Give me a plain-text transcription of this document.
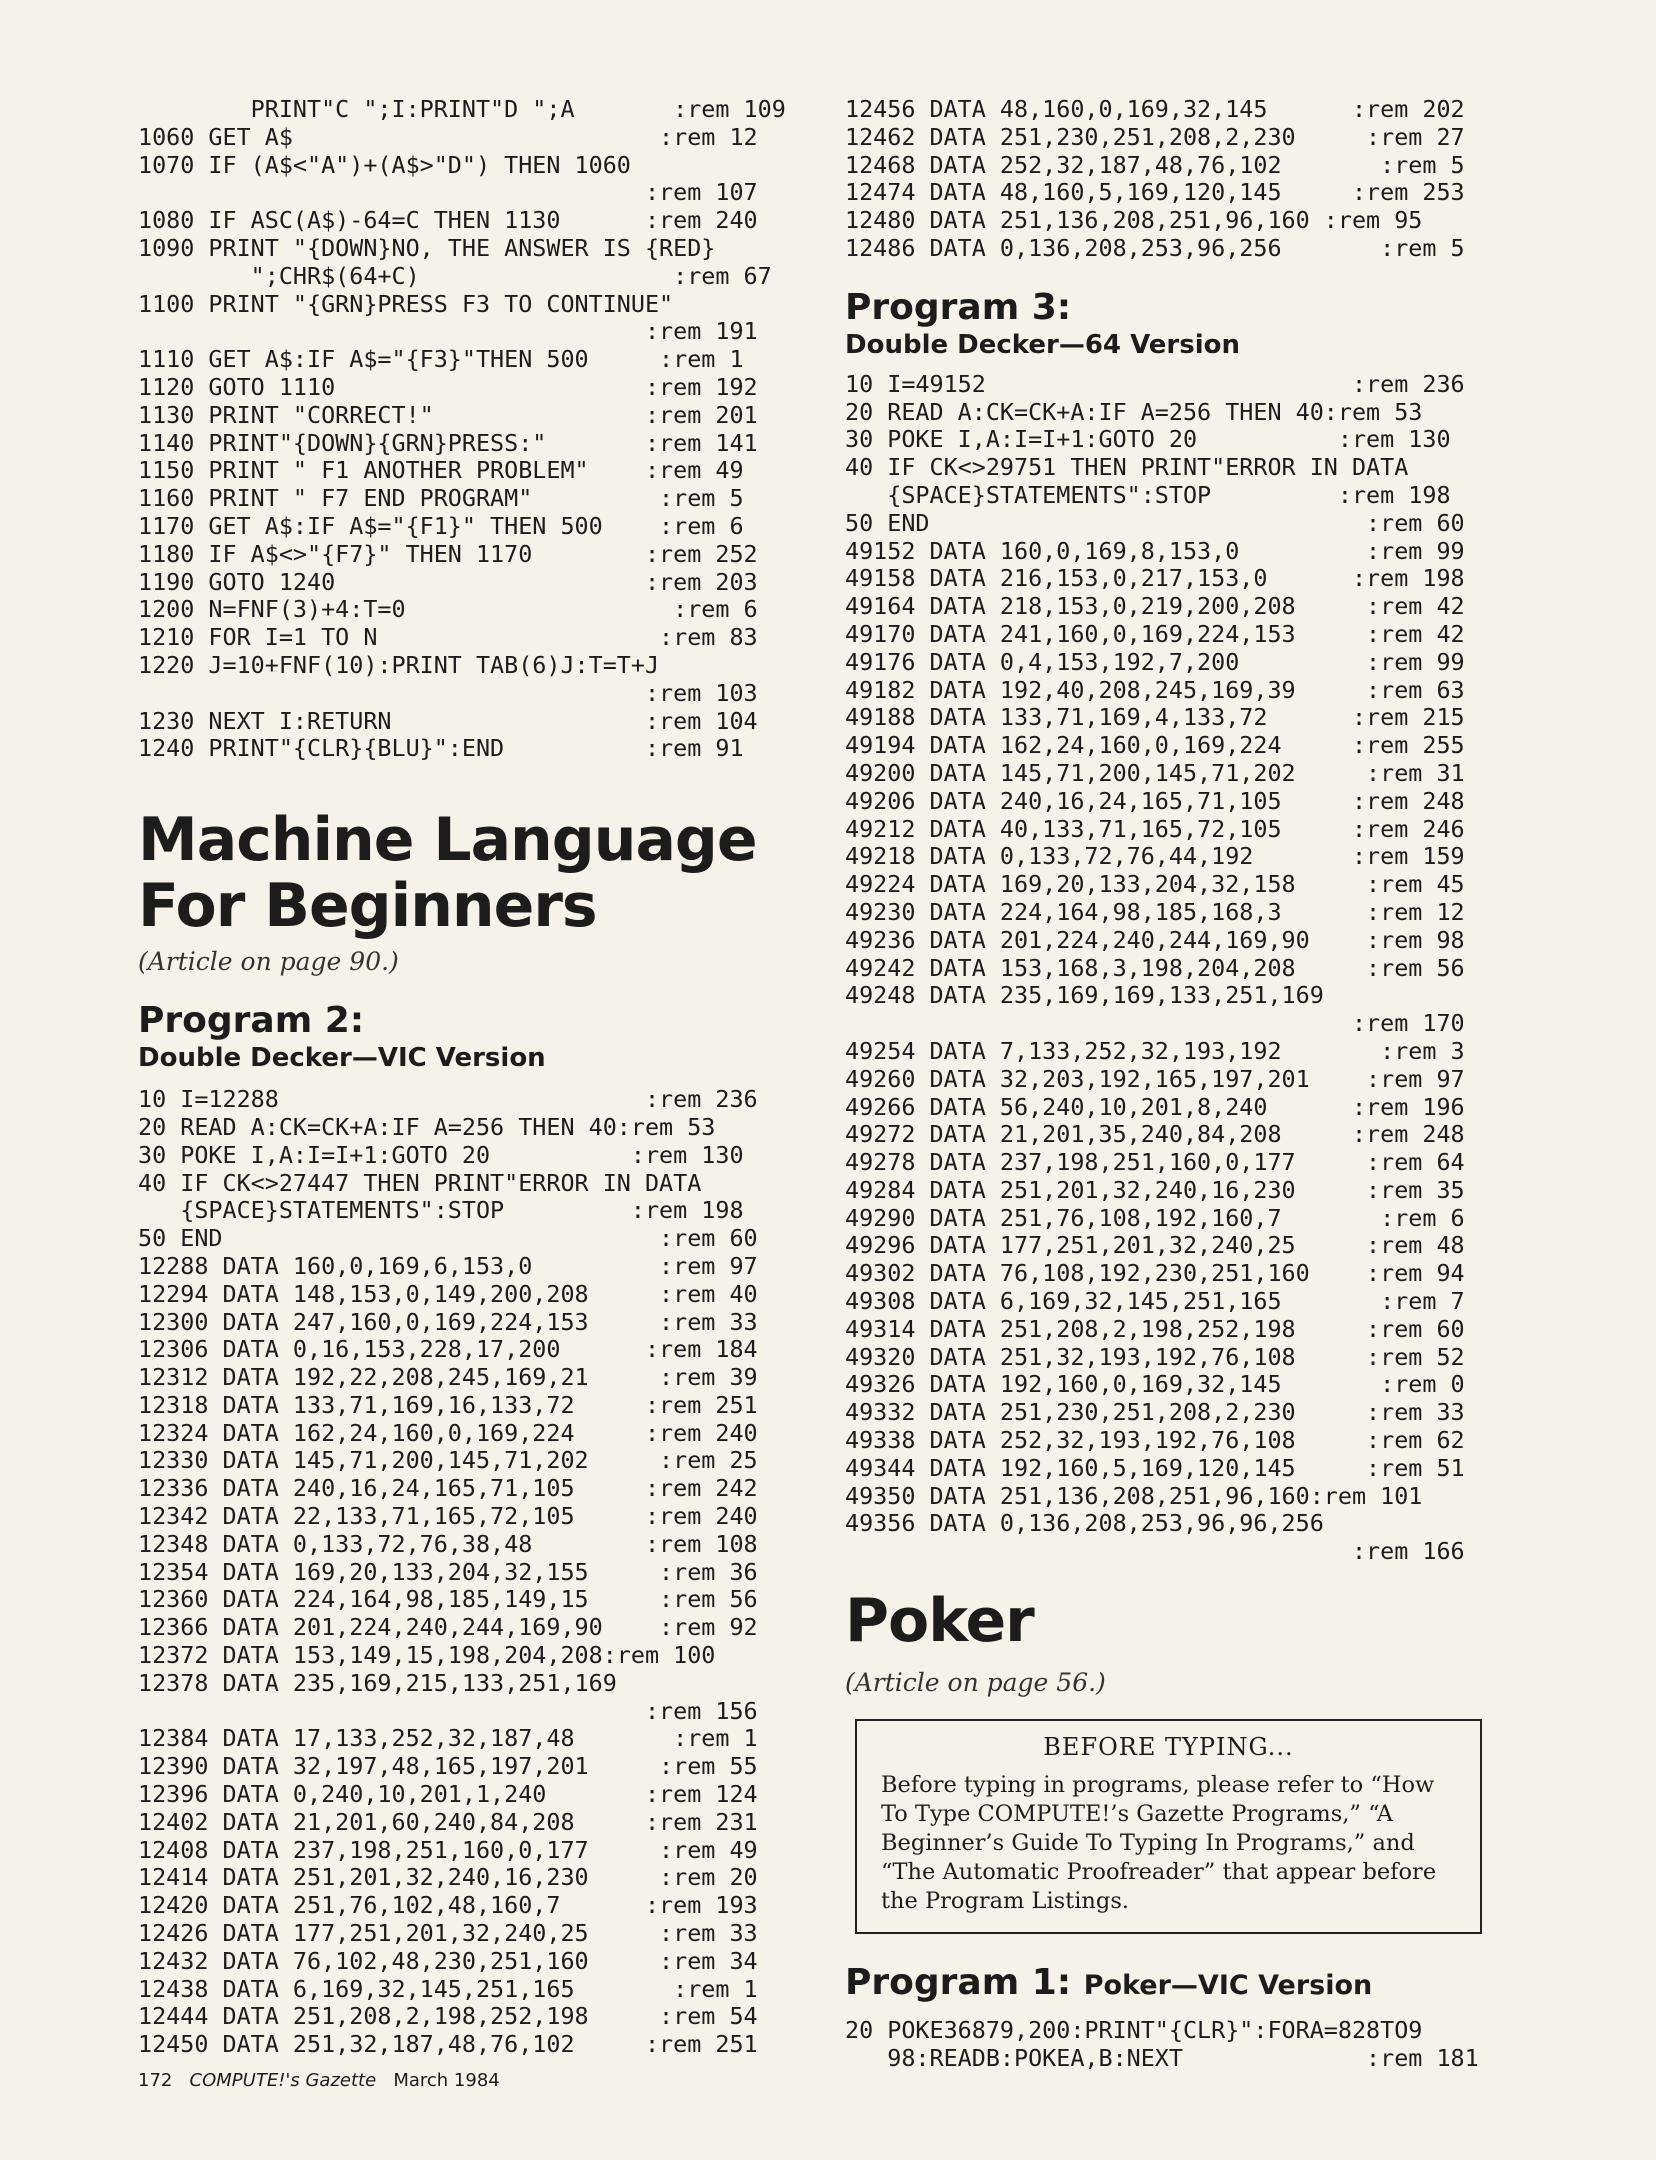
PRINT"C ";I:PRINT"D ";A       :rem 109
1060 GET A$                          :rem 12
1070 IF (A$<"A")+(A$>"D") THEN 1060
:rem 107
1080 IF ASC(A$)-64=C THEN 1130      :rem 240
1090 PRINT "{DOWN}NO, THE ANSWER IS {RED}
";CHR$(64+C)                  :rem 67
1100 PRINT "{GRN}PRESS F3 TO CONTINUE"
:rem 191
1110 GET A$:IF A$="{F3}"THEN 500     :rem 1
1120 GOTO 1110                      :rem 192
1130 PRINT "CORRECT!"               :rem 201
1140 PRINT"{DOWN}{GRN}PRESS:"       :rem 141
1150 PRINT " F1 ANOTHER PROBLEM"    :rem 49
1160 PRINT " F7 END PROGRAM"         :rem 5
1170 GET A$:IF A$="{F1}" THEN 500    :rem 6
1180 IF A$<>"{F7}" THEN 1170        :rem 252
1190 GOTO 1240                      :rem 203
1200 N=FNF(3)+4:T=0                   :rem 6
1210 FOR I=1 TO N                    :rem 83
1220 J=10+FNF(10):PRINT TAB(6)J:T=T+J
:rem 103
1230 NEXT I:RETURN                  :rem 104
1240 PRINT"{CLR}{BLU}":END          :rem 91
Machine Language
For Beginners
(Article on page 90.)
Program 2:
Double Decker—VIC Version
10 I=12288                          :rem 236
20 READ A:CK=CK+A:IF A=256 THEN 40:rem 53
30 POKE I,A:I=I+1:GOTO 20          :rem 130
40 IF CK<>27447 THEN PRINT"ERROR IN DATA
{SPACE}STATEMENTS":STOP         :rem 198
50 END                               :rem 60
12288 DATA 160,0,169,6,153,0         :rem 97
12294 DATA 148,153,0,149,200,208     :rem 40
12300 DATA 247,160,0,169,224,153     :rem 33
12306 DATA 0,16,153,228,17,200      :rem 184
12312 DATA 192,22,208,245,169,21     :rem 39
12318 DATA 133,71,169,16,133,72     :rem 251
12324 DATA 162,24,160,0,169,224     :rem 240
12330 DATA 145,71,200,145,71,202     :rem 25
12336 DATA 240,16,24,165,71,105     :rem 242
12342 DATA 22,133,71,165,72,105     :rem 240
12348 DATA 0,133,72,76,38,48        :rem 108
12354 DATA 169,20,133,204,32,155     :rem 36
12360 DATA 224,164,98,185,149,15     :rem 56
12366 DATA 201,224,240,244,169,90    :rem 92
12372 DATA 153,149,15,198,204,208:rem 100
12378 DATA 235,169,215,133,251,169
:rem 156
12384 DATA 17,133,252,32,187,48       :rem 1
12390 DATA 32,197,48,165,197,201     :rem 55
12396 DATA 0,240,10,201,1,240       :rem 124
12402 DATA 21,201,60,240,84,208     :rem 231
12408 DATA 237,198,251,160,0,177     :rem 49
12414 DATA 251,201,32,240,16,230     :rem 20
12420 DATA 251,76,102,48,160,7      :rem 193
12426 DATA 177,251,201,32,240,25     :rem 33
12432 DATA 76,102,48,230,251,160     :rem 34
12438 DATA 6,169,32,145,251,165       :rem 1
12444 DATA 251,208,2,198,252,198     :rem 54
12450 DATA 251,32,187,48,76,102     :rem 251
12456 DATA 48,160,0,169,32,145      :rem 202
12462 DATA 251,230,251,208,2,230     :rem 27
12468 DATA 252,32,187,48,76,102       :rem 5
12474 DATA 48,160,5,169,120,145     :rem 253
12480 DATA 251,136,208,251,96,160 :rem 95
12486 DATA 0,136,208,253,96,256       :rem 5
Program 3:
Double Decker—64 Version
10 I=49152                          :rem 236
20 READ A:CK=CK+A:IF A=256 THEN 40:rem 53
30 POKE I,A:I=I+1:GOTO 20          :rem 130
40 IF CK<>29751 THEN PRINT"ERROR IN DATA
{SPACE}STATEMENTS":STOP         :rem 198
50 END                               :rem 60
49152 DATA 160,0,169,8,153,0         :rem 99
49158 DATA 216,153,0,217,153,0      :rem 198
49164 DATA 218,153,0,219,200,208     :rem 42
49170 DATA 241,160,0,169,224,153     :rem 42
49176 DATA 0,4,153,192,7,200         :rem 99
49182 DATA 192,40,208,245,169,39     :rem 63
49188 DATA 133,71,169,4,133,72      :rem 215
49194 DATA 162,24,160,0,169,224     :rem 255
49200 DATA 145,71,200,145,71,202     :rem 31
49206 DATA 240,16,24,165,71,105     :rem 248
49212 DATA 40,133,71,165,72,105     :rem 246
49218 DATA 0,133,72,76,44,192       :rem 159
49224 DATA 169,20,133,204,32,158     :rem 45
49230 DATA 224,164,98,185,168,3      :rem 12
49236 DATA 201,224,240,244,169,90    :rem 98
49242 DATA 153,168,3,198,204,208     :rem 56
49248 DATA 235,169,169,133,251,169
:rem 170
49254 DATA 7,133,252,32,193,192       :rem 3
49260 DATA 32,203,192,165,197,201    :rem 97
49266 DATA 56,240,10,201,8,240      :rem 196
49272 DATA 21,201,35,240,84,208     :rem 248
49278 DATA 237,198,251,160,0,177     :rem 64
49284 DATA 251,201,32,240,16,230     :rem 35
49290 DATA 251,76,108,192,160,7       :rem 6
49296 DATA 177,251,201,32,240,25     :rem 48
49302 DATA 76,108,192,230,251,160    :rem 94
49308 DATA 6,169,32,145,251,165       :rem 7
49314 DATA 251,208,2,198,252,198     :rem 60
49320 DATA 251,32,193,192,76,108     :rem 52
49326 DATA 192,160,0,169,32,145       :rem 0
49332 DATA 251,230,251,208,2,230     :rem 33
49338 DATA 252,32,193,192,76,108     :rem 62
49344 DATA 192,160,5,169,120,145     :rem 51
49350 DATA 251,136,208,251,96,160:rem 101
49356 DATA 0,136,208,253,96,96,256
:rem 166
Poker
(Article on page 56.)
BEFORE TYPING...
Before typing in programs, please refer to “How To Type COMPUTE!’s Gazette Programs,” “A Beginner’s Guide To Typing In Programs,” and “The Automatic Proofreader” that appear before the Program Listings.
Program 1: Poker—VIC Version
20 POKE36879,200:PRINT"{CLR}":FORA=828TO9
98:READB:POKEA,B:NEXT             :rem 181
172 COMPUTE!'s Gazette March 1984
